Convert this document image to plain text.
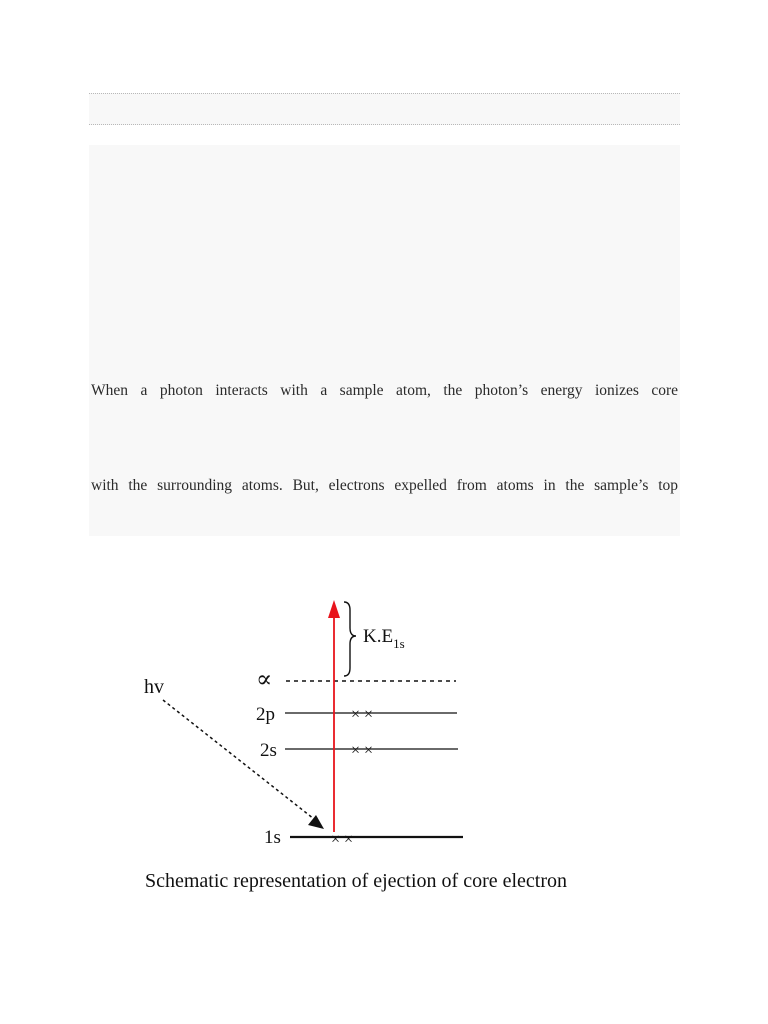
When a photon interacts with a sample atom, the photon’s energy ionizes core
with the surrounding atoms. But, electrons expelled from atoms in the sample’s top
$K.E_{1s}$
∝
2p	× ×
2s	× ×
1s	× ×
hv
Schematic representation of ejection of core electron
